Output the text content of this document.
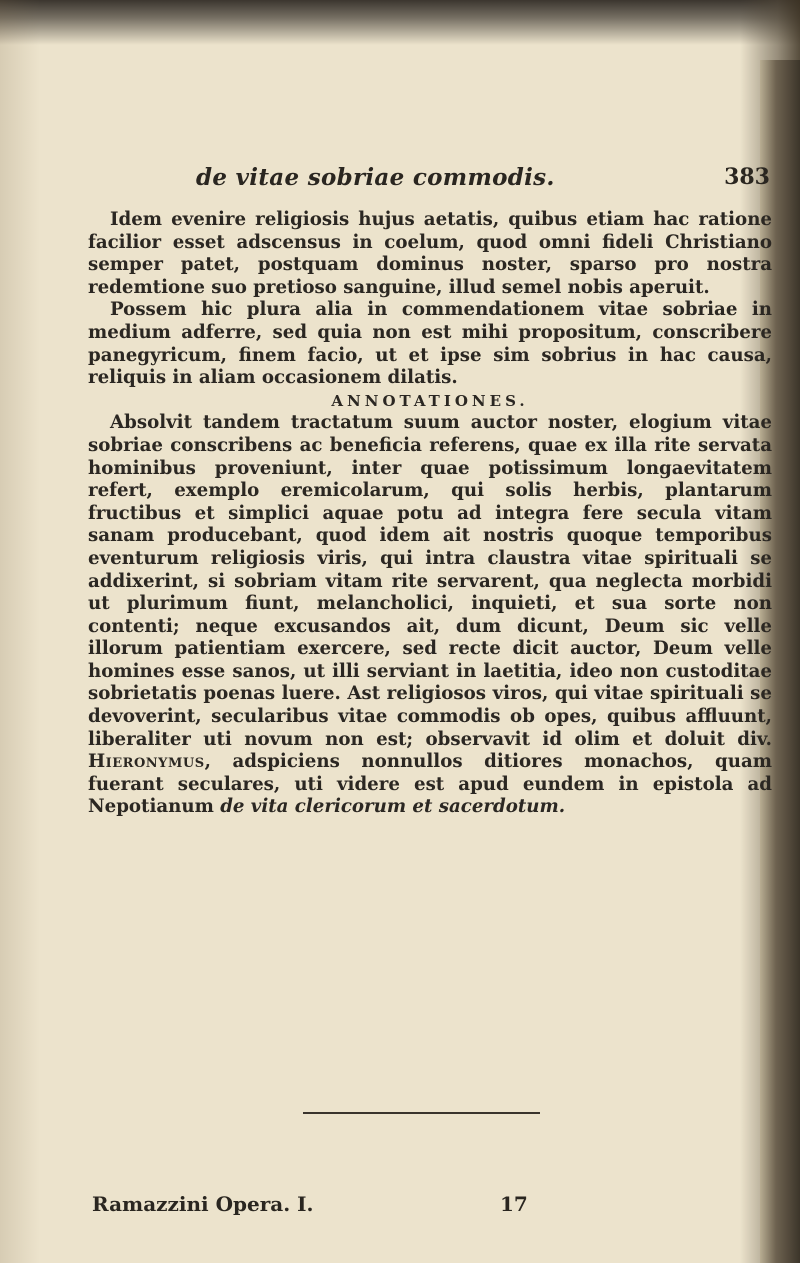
de vitae sobriae commodis.	383

Idem evenire religiosis hujus aetatis, quibus etiam hac ratione facilior esset adscensus in coelum, quod omni fideli Christiano semper patet, postquam dominus noster, sparso pro nostra redemtione suo pretioso sanguine, illud semel nobis aperuit.

Possem hic plura alia in commendationem vitae sobriae in medium adferre, sed quia non est mihi propositum, conscribere panegyricum, finem facio, ut et ipse sim sobrius in hac causa, reliquis in aliam occasionem dilatis.

ANNOTATIONES.

Absolvit tandem tractatum suum auctor noster, elogium vitae sobriae conscribens ac beneficia referens, quae ex illa rite servata hominibus proveniunt, inter quae potissimum longaevitatem refert, exemplo eremicolarum, qui solis herbis, plantarum fructibus et simplici aquae potu ad integra fere secula vitam sanam producebant, quod idem ait nostris quoque temporibus eventurum religiosis viris, qui intra claustra vitae spirituali se addixerint, si sobriam vitam rite servarent, qua neglecta morbidi ut plurimum fiunt, melancholici, inquieti, et sua sorte non contenti; neque excusandos ait, dum dicunt, Deum sic velle illorum patientiam exercere, sed recte dicit auctor, Deum velle homines esse sanos, ut illi serviant in laetitia, ideo non custoditae sobrietatis poenas luere. Ast religiosos viros, qui vitae spirituali se devoverint, secularibus vitae commodis ob opes, quibus affluunt, liberaliter uti novum non est; observavit id olim et doluit div. Hieronymus, adspiciens nonnullos ditiores monachos, quam fuerant seculares, uti videre est apud eundem in epistola ad Nepotianum de vita clericorum et sacerdotum.

Ramazzini Opera. I.	17
